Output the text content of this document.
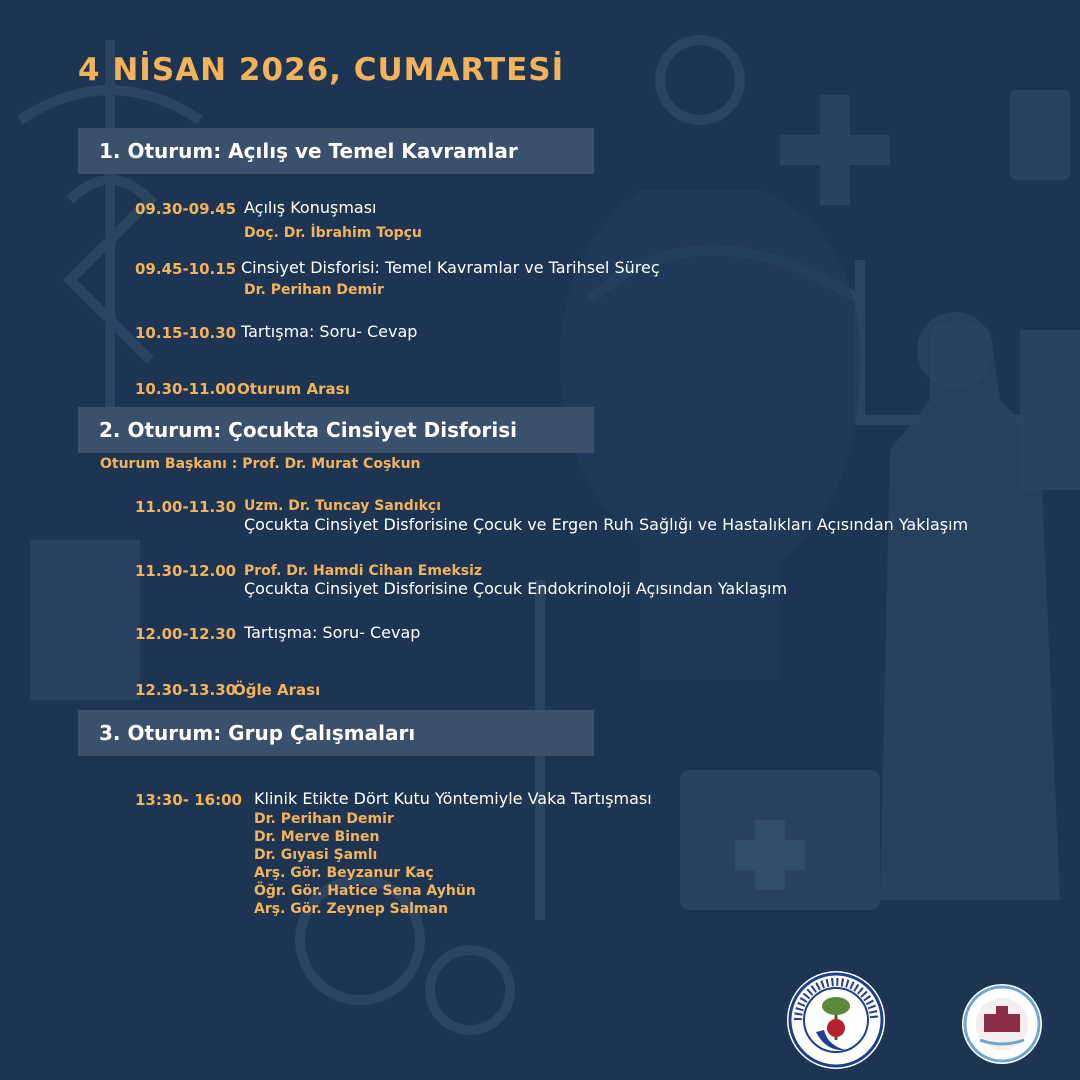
4 NİSAN 2026, CUMARTESİ
1. Oturum: Açılış ve Temel Kavramlar
09.30-09.45 Açılış Konuşması
Doç. Dr. İbrahim Topçu
09.45-10.15 Cinsiyet Disforisi: Temel Kavramlar ve Tarihsel Süreç
Dr. Perihan Demir
10.15-10.30 Tartışma: Soru- Cevap
10.30-11.00 Oturum Arası
2. Oturum: Çocukta Cinsiyet Disforisi
Oturum Başkanı : Prof. Dr. Murat Coşkun
11.00-11.30 Uzm. Dr. Tuncay Sandıkçı
Çocukta Cinsiyet Disforisine Çocuk ve Ergen Ruh Sağlığı ve Hastalıkları Açısından Yaklaşım
11.30-12.00 Prof. Dr. Hamdi Cihan Emeksiz
Çocukta Cinsiyet Disforisine Çocuk Endokrinoloji Açısından Yaklaşım
12.00-12.30 Tartışma: Soru- Cevap
12.30-13.30
Öğle Arası
3. Oturum: Grup Çalışmaları
13:30- 16:00 Klinik Etikte Dört Kutu Yöntemiyle Vaka Tartışması
Dr. Perihan Demir
Dr. Merve Binen
Dr. Gıyasi Şamlı
Arş. Gör. Beyzanur Kaç
Öğr. Gör. Hatice Sena Ayhün
Arş. Gör. Zeynep Salman
